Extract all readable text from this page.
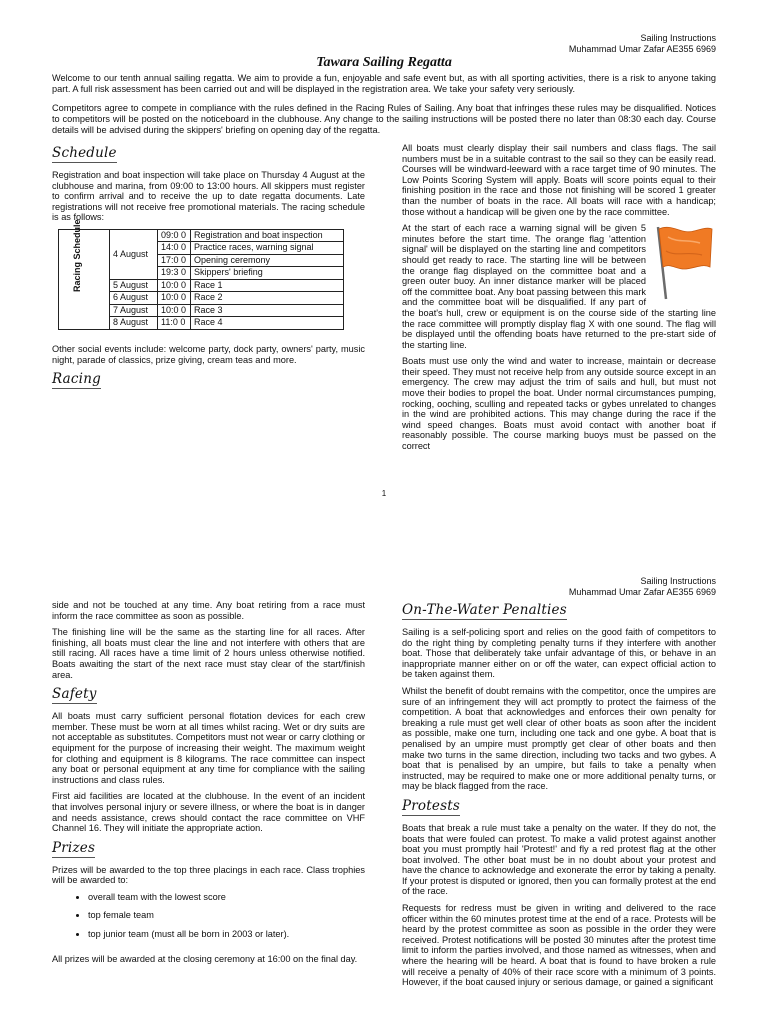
Sailing Instructions
Muhammad Umar Zafar AE355 6969
Tawara Sailing Regatta

Welcome to our tenth annual sailing regatta. We aim to provide a fun, enjoyable and safe event but, as with all sporting activities, there is a risk to anyone taking part. A full risk assessment has been carried out and will be displayed in the registration area. We take your safety very seriously.

Competitors agree to compete in compliance with the rules defined in the Racing Rules of Sailing. Any boat that infringes these rules may be disqualified. Notices to competitors will be posted on the noticeboard in the clubhouse. Any change to the sailing instructions will be posted there no later than 08:30 each day. Course details will be advised during the skippers' briefing on opening day of the regatta.

Schedule

Registration and boat inspection will take place on Thursday 4 August at the clubhouse and marina, from 09:00 to 13:00 hours. All skippers must register to confirm arrival and to receive the up to date regatta documents. Late registrations will not receive free promotional materials. The racing schedule is as follows:

Racing Schedule	4 August	09:0 0	Registration and boat inspection
		14:0 0	Practice races, warning signal
		17:0 0	Opening ceremony
		19:3 0	Skippers' briefing
	5 August	10:0 0	Race 1
	6 August	10:0 0	Race 2
	7 August	10:0 0	Race 3
	8 August	11:0 0	Race 4

Other social events include: welcome party, dock party, owners' party, music night, parade of classics, prize giving, cream teas and more.

Racing

All boats must clearly display their sail numbers and class flags. The sail numbers must be in a suitable contrast to the sail so they can be easily read. Courses will be windward-leeward with a race target time of 90 minutes. The Low Points Scoring System will apply. Boats will score points equal to their finishing position in the race and those not finishing will be scored 1 greater than the number of boats in the race. All boats will race with a handicap; those without a handicap will be given one by the race committee.

At the start of each race a warning signal will be given 5 minutes before the start time. The orange flag 'attention signal' will be displayed on the starting line and competitors should get ready to race. The starting line will be between the orange flag displayed on the committee boat and a green outer buoy. An inner distance marker will be placed off the committee boat. Any boat passing between this mark and the committee boat will be disqualified. If any part of the boat's hull, crew or equipment is on the course side of the starting line the race committee will promptly display flag X with one sound. The flag will be displayed until the offending boats have returned to the pre-start side of the starting line.

Boats must use only the wind and water to increase, maintain or decrease their speed. They must not receive help from any outside source except in an emergency. The crew may adjust the trim of sails and hull, but must not move their bodies to propel the boat. Under normal circumstances pumping, rocking, ooching, sculling and repeated tacks or gybes unrelated to changes in the wind are prohibited actions. This may change during the race if the wind speed changes. Boats must avoid contact with another boat if reasonably possible. The course marking buoys must be passed on the correct

1
Sailing Instructions
Muhammad Umar Zafar AE355 6969

side and not be touched at any time. Any boat retiring from a race must inform the race committee as soon as possible.

The finishing line will be the same as the starting line for all races. After finishing, all boats must clear the line and not interfere with others that are still racing. All races have a time limit of 2 hours unless otherwise notified. Boats awaiting the start of the next race must stay clear of the start/finish area.

Safety

All boats must carry sufficient personal flotation devices for each crew member. These must be worn at all times whilst racing. Wet or dry suits are not acceptable as substitutes. Competitors must not wear or carry clothing or equipment for the purpose of increasing their weight. The maximum weight for clothing and equipment is 8 kilograms. The race committee can inspect any boat or personal equipment at any time for compliance with the sailing instructions and class rules.

First aid facilities are located at the clubhouse. In the event of an incident that involves personal injury or severe illness, or where the boat is in danger and needs assistance, crews should contact the race committee on VHF Channel 16. They will initiate the appropriate action.

Prizes

Prizes will be awarded to the top three placings in each race. Class trophies will be awarded to:

• overall team with the lowest score
• top female team
• top junior team (must all be born in 2003 or later).

All prizes will be awarded at the closing ceremony at 16:00 on the final day.

On-The-Water Penalties

Sailing is a self-policing sport and relies on the good faith of competitors to do the right thing by completing penalty turns if they interfere with another boat. Those that deliberately take unfair advantage of this, or behave in an inappropriate manner either on or off the water, can expect official action to be taken against them.

Whilst the benefit of doubt remains with the competitor, once the umpires are sure of an infringement they will act promptly to protect the fairness of the competition. A boat that acknowledges and enforces their own penalty for breaking a rule must get well clear of other boats as soon after the incident as possible, make one turn, including one tack and one gybe. A boat that is penalised by an umpire must promptly get clear of other boats and then make two turns in the same direction, including two tacks and two gybes. A boat that is penalised by an umpire, but fails to take a penalty when instructed, may be required to make one or more additional penalty turns, or may be black flagged from the race.

Protests

Boats that break a rule must take a penalty on the water. If they do not, the boats that were fouled can protest. To make a valid protest against another boat you must promptly hail 'Protest!' and fly a red protest flag at the other boat involved. The other boat must be in no doubt about your protest and have the chance to acknowledge and exonerate the error by taking a penalty. If your protest is disputed or ignored, then you can formally protest at the end of the race.

Requests for redress must be given in writing and delivered to the race officer within the 60 minutes protest time at the end of a race. Protests will be heard by the protest committee as soon as possible in the order they were received. Protest notifications will be posted 30 minutes after the protest time limit to inform the parties involved, and those named as witnesses, when and where the hearing will be heard. A boat that is found to have broken a rule will receive a penalty of 40% of their race score with a minimum of 3 points. However, if the boat caused injury or serious damage, or gained a significant
